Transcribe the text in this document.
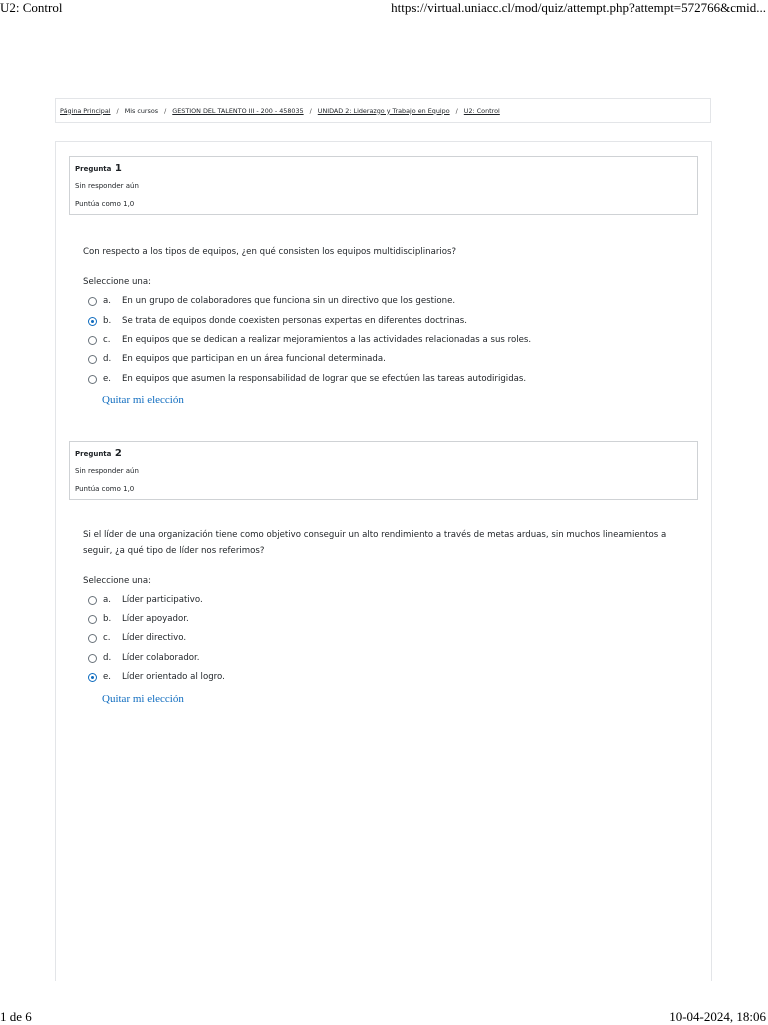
U2: Control	https://virtual.uniacc.cl/mod/quiz/attempt.php?attempt=572766&cmid...
Página Principal / Mis cursos / GESTION DEL TALENTO III - 200 - 458035 / UNIDAD 2: Liderazgo y Trabajo en Equipo / U2: Control
Pregunta 1
Sin responder aún
Puntúa como 1,0
Con respecto a los tipos de equipos, ¿en qué consisten los equipos multidisciplinarios?
Seleccione una:
a.	En un grupo de colaboradores que funciona sin un directivo que los gestione.
b.	Se trata de equipos donde coexisten personas expertas en diferentes doctrinas.
c.	En equipos que se dedican a realizar mejoramientos a las actividades relacionadas a sus roles.
d.	En equipos que participan en un área funcional determinada.
e.	En equipos que asumen la responsabilidad de lograr que se efectúen las tareas autodirigidas.
Quitar mi elección
Pregunta 2
Sin responder aún
Puntúa como 1,0
Si el líder de una organización tiene como objetivo conseguir un alto rendimiento a través de metas arduas, sin muchos lineamientos a seguir, ¿a qué tipo de líder nos referimos?
Seleccione una:
a.	Líder participativo.
b.	Líder apoyador.
c.	Líder directivo.
d.	Líder colaborador.
e.	Líder orientado al logro.
Quitar mi elección
1 de 6	10-04-2024, 18:06
